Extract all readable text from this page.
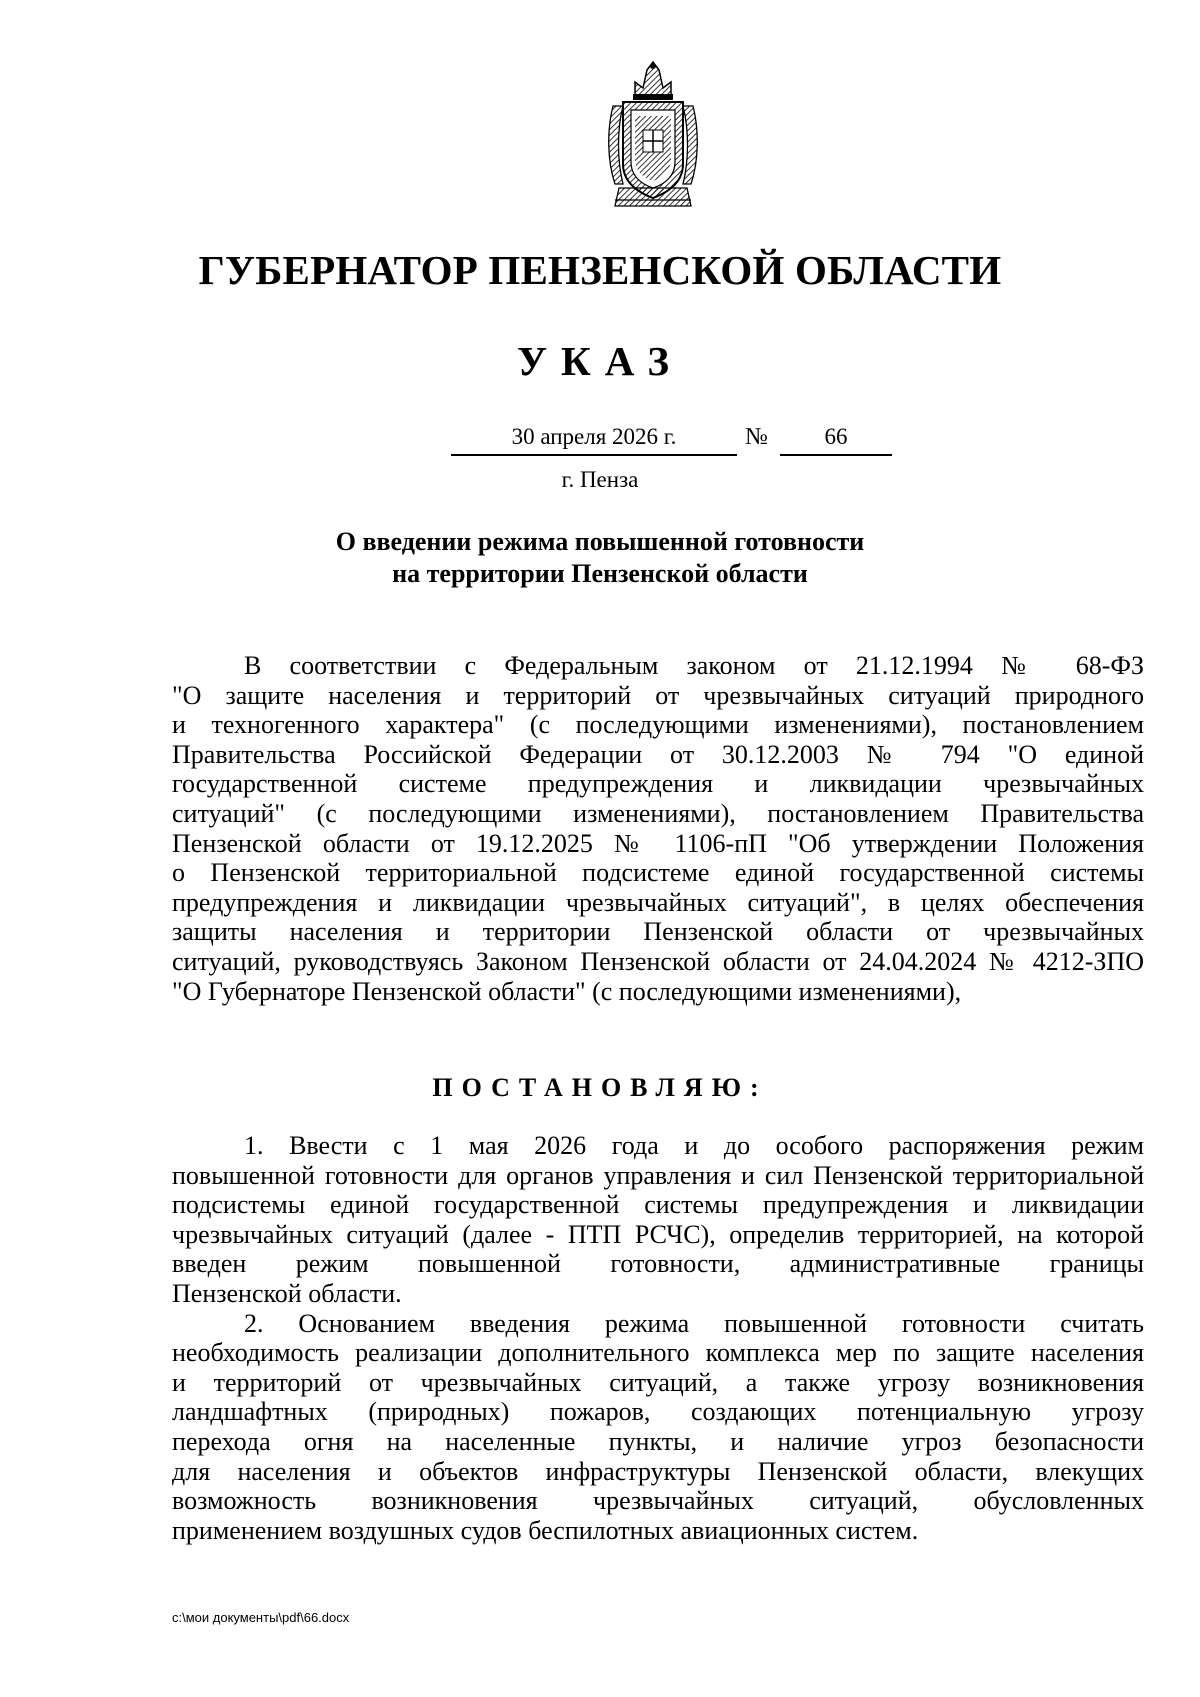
ГУБЕРНАТОР ПЕНЗЕНСКОЙ ОБЛАСТИ
УКАЗ
30 апреля 2026 г.	№	66
г. Пенза
О введении режима повышенной готовности
на территории Пензенской области
В соответствии с Федеральным законом от 21.12.1994 № 68-ФЗ
"О защите населения и территорий от чрезвычайных ситуаций природного
и техногенного характера" (с последующими изменениями), постановлением
Правительства Российской Федерации от 30.12.2003 № 794 "О единой
государственной системе предупреждения и ликвидации чрезвычайных
ситуаций" (с последующими изменениями), постановлением Правительства
Пензенской области от 19.12.2025 № 1106-пП "Об утверждении Положения
о Пензенской территориальной подсистеме единой государственной системы
предупреждения и ликвидации чрезвычайных ситуаций", в целях обеспечения
защиты населения и территории Пензенской области от чрезвычайных
ситуаций, руководствуясь Законом Пензенской области от 24.04.2024 № 4212-ЗПО
"О Губернаторе Пензенской области" (с последующими изменениями),
ПОСТАНОВЛЯЮ:
1. Ввести с 1 мая 2026 года и до особого распоряжения режим
повышенной готовности для органов управления и сил Пензенской территориальной
подсистемы единой государственной системы предупреждения и ликвидации
чрезвычайных ситуаций (далее - ПТП РСЧС), определив территорией, на которой
введен режим повышенной готовности, административные границы
Пензенской области.
2. Основанием введения режима повышенной готовности считать
необходимость реализации дополнительного комплекса мер по защите населения
и территорий от чрезвычайных ситуаций, а также угрозу возникновения
ландшафтных (природных) пожаров, создающих потенциальную угрозу
перехода огня на населенные пункты, и наличие угроз безопасности
для населения и объектов инфраструктуры Пензенской области, влекущих
возможность возникновения чрезвычайных ситуаций, обусловленных
применением воздушных судов беспилотных авиационных систем.
c:\мои документы\pdf\66.docx
